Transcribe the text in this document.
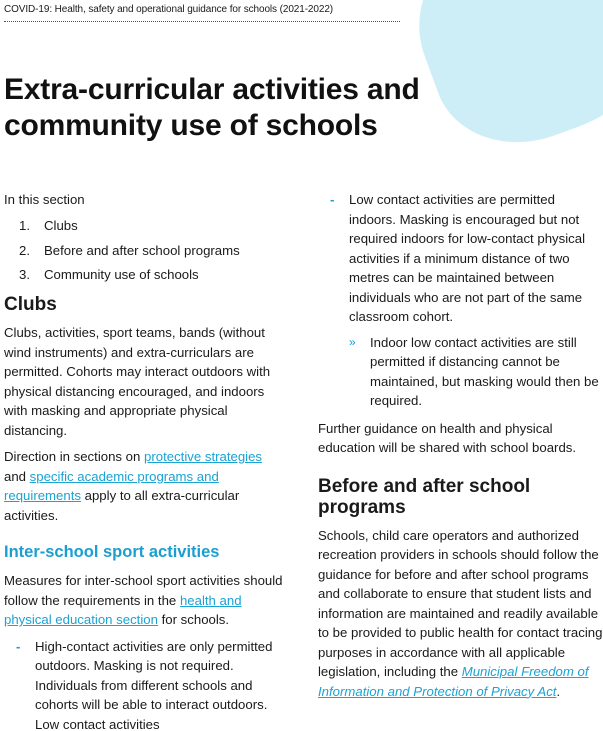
COVID-19: Health, safety and operational guidance for schools (2021-2022)
Extra-curricular activities and community use of schools
In this section
1.	Clubs
2.	Before and after school programs
3.	Community use of schools
Clubs

Clubs, activities, sport teams, bands (without wind instruments) and extra-curriculars are permitted. Cohorts may interact outdoors with physical distancing encouraged, and indoors with masking and appropriate physical distancing.

Direction in sections on protective strategies and specific academic programs and requirements apply to all extra-curricular activities.

Inter-school sport activities

Measures for inter-school sport activities should follow the requirements in the health and physical education section for schools.

- High-contact activities are only permitted outdoors. Masking is not required. Individuals from different schools and cohorts will be able to interact outdoors. Low contact activities
- Low contact activities are permitted indoors. Masking is encouraged but not required indoors for low-contact physical activities if a minimum distance of two metres can be maintained between individuals who are not part of the same classroom cohort.
» Indoor low contact activities are still permitted if distancing cannot be maintained, but masking would then be required.

Further guidance on health and physical education will be shared with school boards.

Before and after school programs

Schools, child care operators and authorized recreation providers in schools should follow the guidance for before and after school programs and collaborate to ensure that student lists and information are maintained and readily available to be provided to public health for contact tracing purposes in accordance with all applicable legislation, including the Municipal Freedom of Information and Protection of Privacy Act.
